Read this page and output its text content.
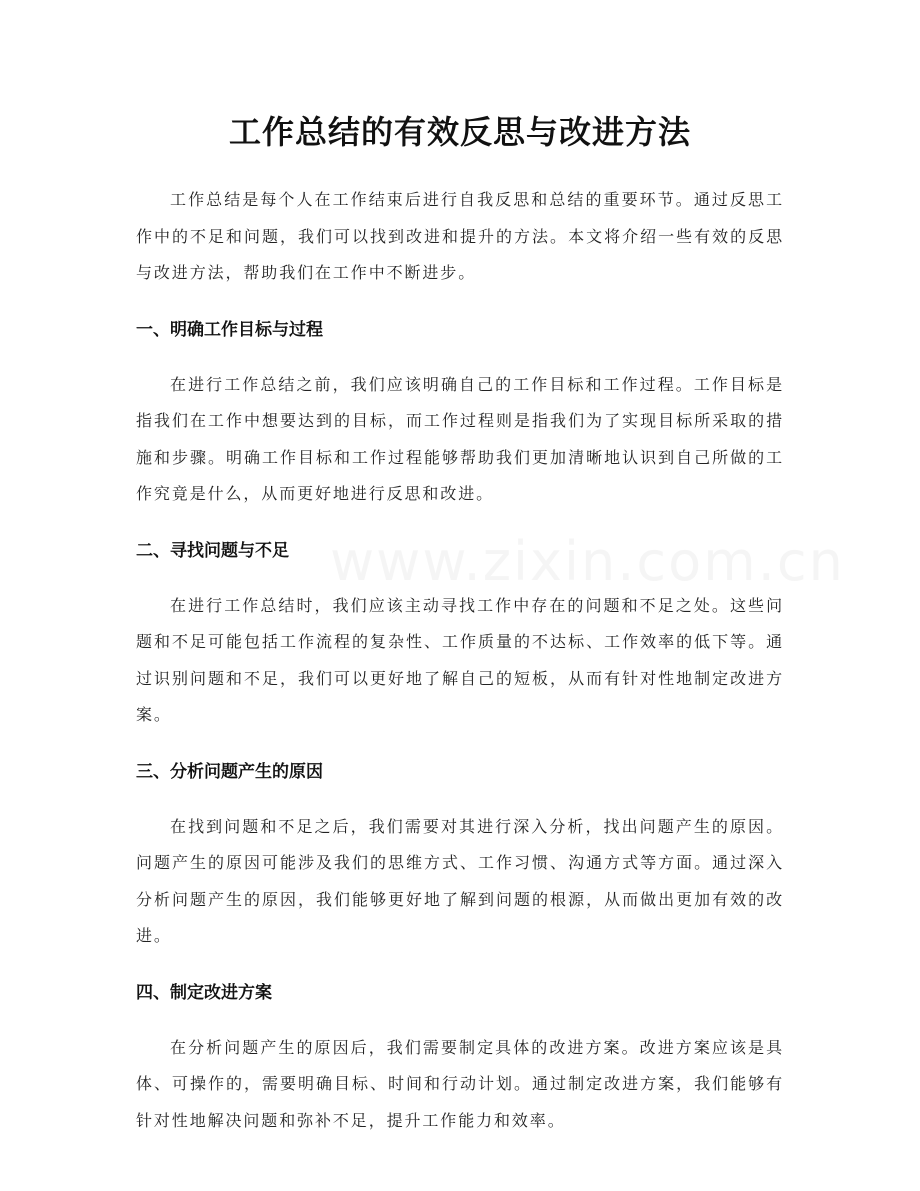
www.zixin.com.cn
工作总结的有效反思与改进方法

工作总结是每个人在工作结束后进行自我反思和总结的重要环节。通过反思工作中的不足和问题，我们可以找到改进和提升的方法。本文将介绍一些有效的反思与改进方法，帮助我们在工作中不断进步。

一、明确工作目标与过程

在进行工作总结之前，我们应该明确自己的工作目标和工作过程。工作目标是指我们在工作中想要达到的目标，而工作过程则是指我们为了实现目标所采取的措施和步骤。明确工作目标和工作过程能够帮助我们更加清晰地认识到自己所做的工作究竟是什么，从而更好地进行反思和改进。

二、寻找问题与不足

在进行工作总结时，我们应该主动寻找工作中存在的问题和不足之处。这些问题和不足可能包括工作流程的复杂性、工作质量的不达标、工作效率的低下等。通过识别问题和不足，我们可以更好地了解自己的短板，从而有针对性地制定改进方案。

三、分析问题产生的原因

在找到问题和不足之后，我们需要对其进行深入分析，找出问题产生的原因。问题产生的原因可能涉及我们的思维方式、工作习惯、沟通方式等方面。通过深入分析问题产生的原因，我们能够更好地了解到问题的根源，从而做出更加有效的改进。

四、制定改进方案

在分析问题产生的原因后，我们需要制定具体的改进方案。改进方案应该是具体、可操作的，需要明确目标、时间和行动计划。通过制定改进方案，我们能够有针对性地解决问题和弥补不足，提升工作能力和效率。
